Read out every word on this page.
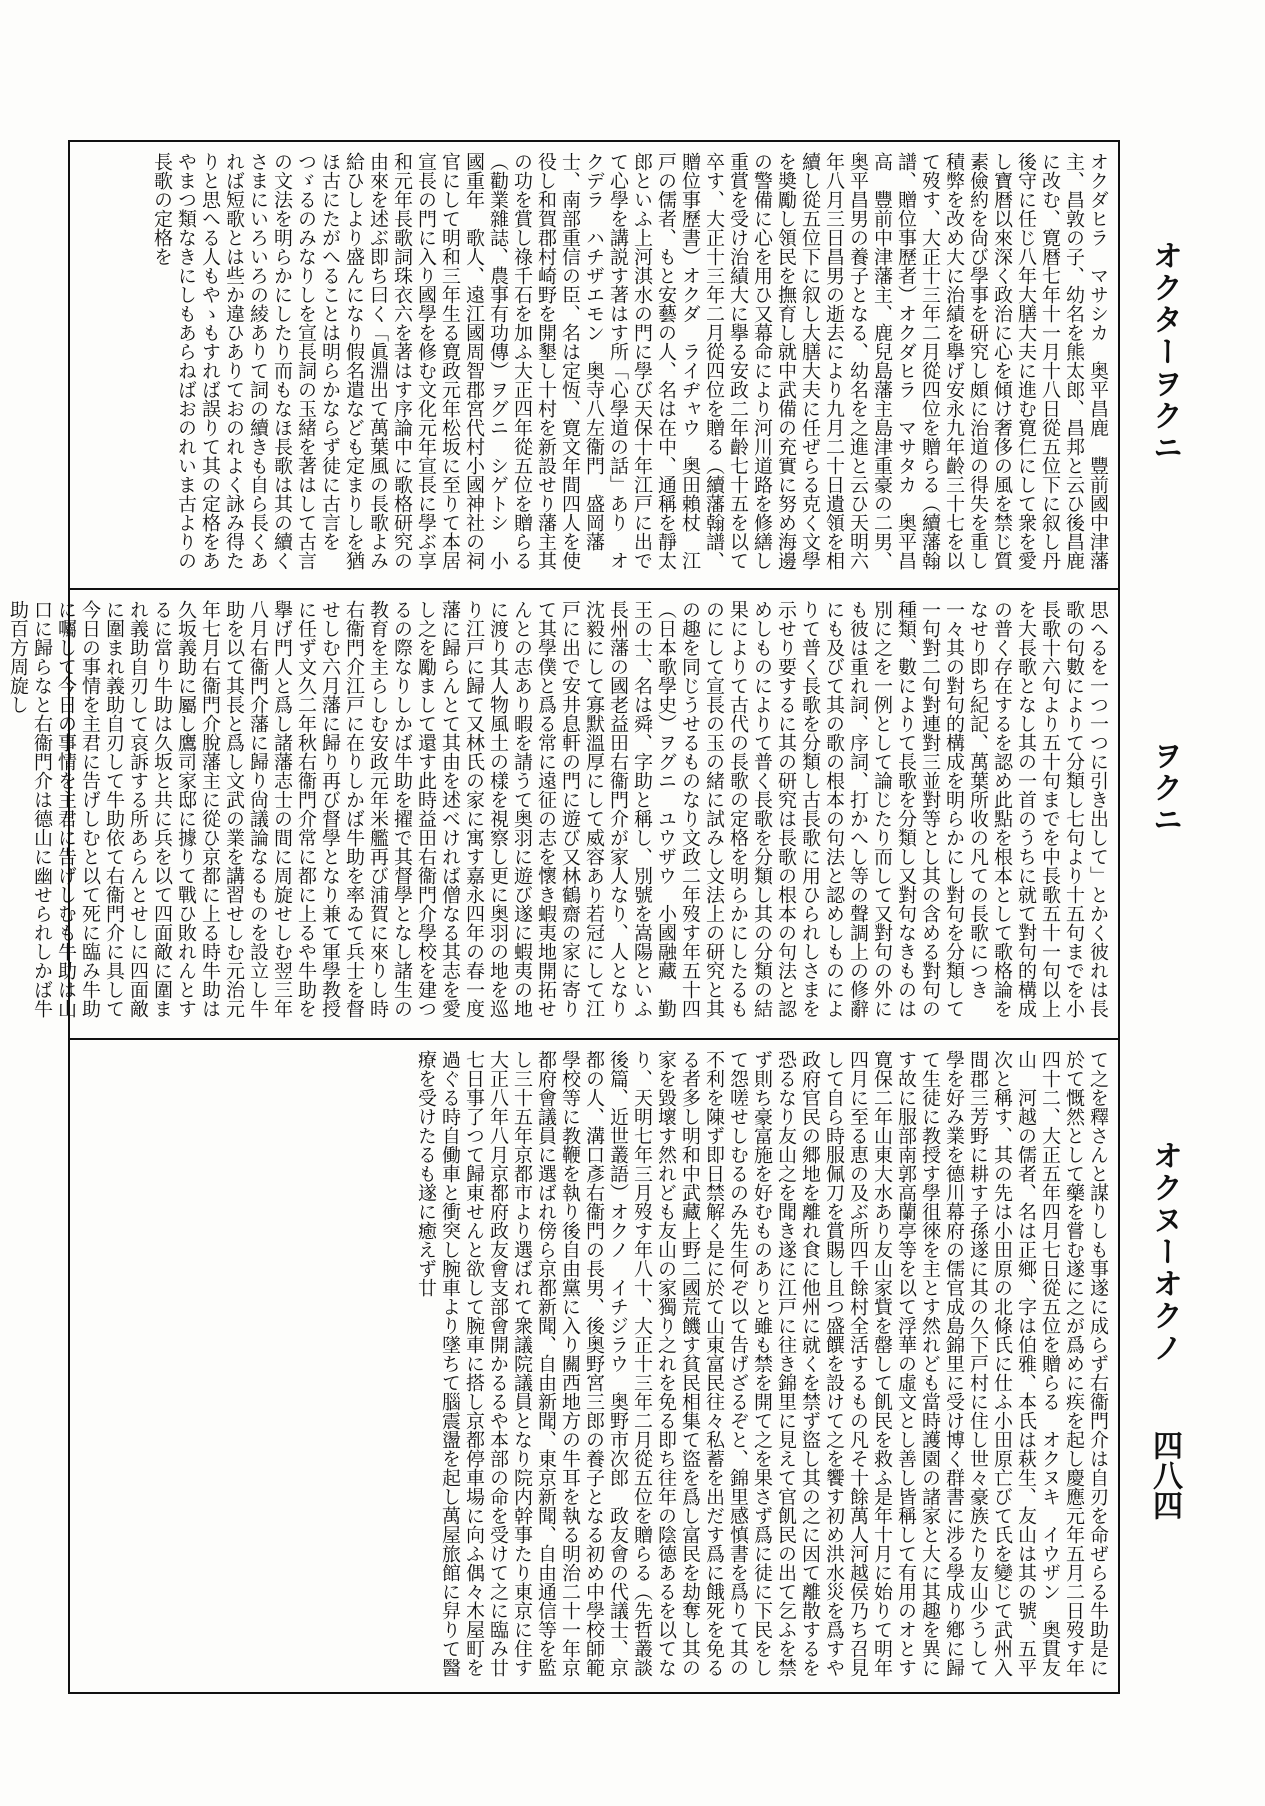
オクダヒラ　マサシカ　奥平昌鹿　豐前國中津藩主、昌敦の子、幼名を熊太郎、昌邦と云ひ後昌鹿に改む、寛暦七年十一月十八日從五位下に叙し丹後守に任じ八年大膳大夫に進む寛仁にして衆を愛し寶暦以來深く政治に心を傾け奢侈の風を禁じ質素儉約を尙び學事を研究し頗に治道の得失を重し積弊を改め大に治績を擧げ安永九年齡三十七を以て歿す、大正十三年二月從四位を贈らる（續藩翰譜、贈位事歷者）オクダヒラ　マサタカ　奥平昌高　豐前中津藩主、鹿兒島藩主島津重豪の二男、奥平昌男の養子となる、幼名を之進と云ひ天明六年八月三日昌男の逝去により九月二十日遺領を相續し從五位下に叙し大膳大夫に任ぜらる克く文學を奬勵し領民を撫育し就中武備の充實に努め海邊の警備に心を用ひ又幕命により河川道路を修繕し重賞を受け治績大に擧る安政二年齡七十五を以て卒す、大正十三年二月從四位を贈る（續藩翰譜、贈位事歷書）オクダ　ライヂャウ　奥田賴杖　江戸の儒者、もと安藝の人、名は在中、通稱を靜太郎といふ上河淇水の門に學び天保十年江戸に出でて心學を講説す著はす所「心學道の話」あり　オクデラ　ハチザエモン　奥寺八左衞門　盛岡藩士、南部重信の臣、名は定恆、寛文年間四人を使役し和賀郡村崎野を開墾し十村を新設せり藩主其の功を賞し祿千石を加ふ大正四年從五位を贈らる（勸業雜誌、農事有功傳）ヲグニ　シゲトシ　小國重年　歌人、遠江國周智郡宮代村小國神社の祠官にして明和三年生る寛政元年松坂に至りて本居宣長の門に入り國學を修む文化元年宣長に學ぶ享和元年長歌詞珠衣六を著はす序論中に歌格研究の由來を述ぶ即ち曰く「眞淵出て萬葉風の長歌よみ給ひしより盛んになり假名遣なども定まりしを猶ほ古にたがへることは明らかならず徒に古言をつゞるのみなりしを宣長詞の玉緒を著はして古言の文法を明らかにしたり而もなほ長歌は其の續くさまにいろいろの綾ありて詞の續きも自ら長くあれば短歌とは些か違ひありておのれよく詠み得たりと思へる人もやゝもすれば誤りて其の定格をあやまつ類なきにしもあらねばおのれいま古よりの長歌の定格を
思へるを一つ一つに引き出して」とかく彼れは長歌の句數によりて分類し七句より十五句までを小長歌十六句より五十句までを中長歌五十一句以上を大長歌となし其の一首のうちに就て對句的構成の普く存在するを認め此點を根本として歌格論をなせり即ち紀記、萬葉所收の凡ての長歌につき一々其の對句的構成を明らかにし對句を分類して一句對二句對連對三並對等とし其の含める對句の種類、數によりて長歌を分類し又對句なきものは別に之を一例として論じたり而して又對句の外にも彼は重れ詞、序詞、打かへし等の聲調上の修辭にも及びて其の歌の根本の句法と認めしものによりて普く長歌を分類し古長歌に用ひられしさまを示せり要するに其の研究は長歌の根本の句法と認めしものによりて普く長歌を分類し其の分類の結果によりて古代の長歌の定格を明らかにしたるものにして宣長の玉の緒に試みし文法上の研究と其の趣を同じうせるものなり文政二年歿す年五十四（日本歌學史）ヲグニ　ユウザウ　小國融藏　勤王の士、名は舜、字助と稱し、別號を嵩陽といふ長州藩の國老益田右衞門介が家人なり、人となり沈毅にして寡默溫厚にして威容あり若冠にして江戸に出で安井息軒の門に遊び又林鶴齋の家に寄りて其學僕と爲る常に遠征の志を懷き蝦夷地開拓せんとの志あり暇を請うて奥羽に遊び遂に蝦夷の地に渡り其人物風土の樣を視察し更に奥羽の地を巡り江戸に歸て又林氏の家に寓す嘉永四年の春一度藩に歸らんとて其由を述べければ僧なる其志を愛し之を勵まして還す此時益田右衞門介學校を建つるの際なりしかば牛助を擢で其督學となし諸生の教育を主らしむ安政元年米艦再び浦賀に來りし時右衞門介江戸に在りしかば牛助を率ゐて兵士を督せしむ六月藩に歸り再び督學となり兼て軍學教授に任ず文久二年秋右衞門介常に都に上るや牛助を擧げ門人と爲し諸藩志士の間に周旋せしむ翌三年八月右衞門介藩に歸り尙議論なるものを設立し牛助を以て其長と爲し文武の業を講習せしむ元治元年七月右衞門介脫藩主に從ひ京都に上る時牛助は久坂義助に屬し鷹司家邸に據りて戰ひ敗れんとするに當り牛助は久坂と共に兵を以て四面敵に圍まれ義助自刃して哀訴する所あらんとせしに四面敵に圍まれ義助自刃して牛助依て右衞門介に具して今日の事情を主君に告げしむと以て死に臨み牛助に囑して今日の事情を主君に告げしむも牛助は山口に歸らなと右衞門介は德山に幽せられしかば牛助百方周旋し
て之を釋さんと謀りしも事遂に成らず右衞門介は自刃を命ぜらる牛助是に於て慨然として藥を嘗む遂に之が爲めに疾を起し慶應元年五月二日歿す年四十二、大正五年四月七日從五位を贈らる　オクヌキ　イウザン　奥貫友山　河越の儒者、名は正鄉、字は伯雅、本氏は萩生、友山は其の號、五平次と稱す、其の先は小田原の北條氏に仕ふ小田原亡びて氏を變じて武州入間郡三芳野に耕す子孫遂に其の久下戸村に住し世々豪族たり友山少うして學を好み業を德川幕府の儒官成島錦里に受け博く群書に涉る學成り鄕に歸て生徒に教授す學徂徠を主とす然れども當時護園の諸家と大に其趣を異にす故に服部南郭高蘭亭等を以て浮華の虛文とし善し皆稱して有用のオとす寛保二年山東大水あり友山家貲を罄して飢民を救ふ是年十月に始りて明年四月に至る恵の及ぶ所四千餘村全活するもの凡そ十餘萬人河越侯乃ち召見して自ら時服佩刀を賞賜し且つ盛饌を設けて之を饗す初め洪水災を爲すや政府官民の郷地を離れ食に他州に就くを禁ず盜し其の之に因て離散するを恐るなり友山之を聞き遂に江戸に往き錦里に見えて官飢民の出て乞ふを禁ず則ち豪富施を好むものありと雖も禁を開て之を果さず爲に徒に下民をして怨嗟せしむるのみ先生何ぞ以て告げざるぞと、錦里感慎書を爲りて其の不利を陳ず即日禁解く是に於て山東富民往々私蓄を出だす爲に餓死を免るる者多し明和中武藏上野二國荒饑す貧民相集て盜を爲し富民を劫奪し其の家を毀壞す然れども友山の家獨り之れを免る即ち往年の陰德あるを以てなり、天明七年三月歿す年八十、大正十三年二月從五位を贈らる（先哲叢談後篇、近世叢語）オクノ　イチジラウ　奥野市次郎　政友會の代議士、京都の人、溝口彥右衞門の長男、後奥野宮三郎の養子となる初め中學校師範學校等に教鞭を執り後自由黨に入り關西地方の牛耳を執る明治二十一年京都府會議員に選ばれ傍ら京都新聞、自由新聞、東京新聞、自由通信等を監し三十五年京都市より選ばれて衆議院議員となり院内幹事たり東京に住す大正八年八月京都府政友會支部會開かるるや本部の命を受けて之に臨み廿七日事了つて歸東せんと欲して腕車に搭し京都停車場に向ふ偶々木屋町を過ぐる時自働車と衝突し腕車より墜ちて腦震盪を起し萬屋旅館に舁りて醫療を受けたるも遂に癒えず廿
オクターヲクニ
ヲクニ
オクヌーオクノ
四八四
